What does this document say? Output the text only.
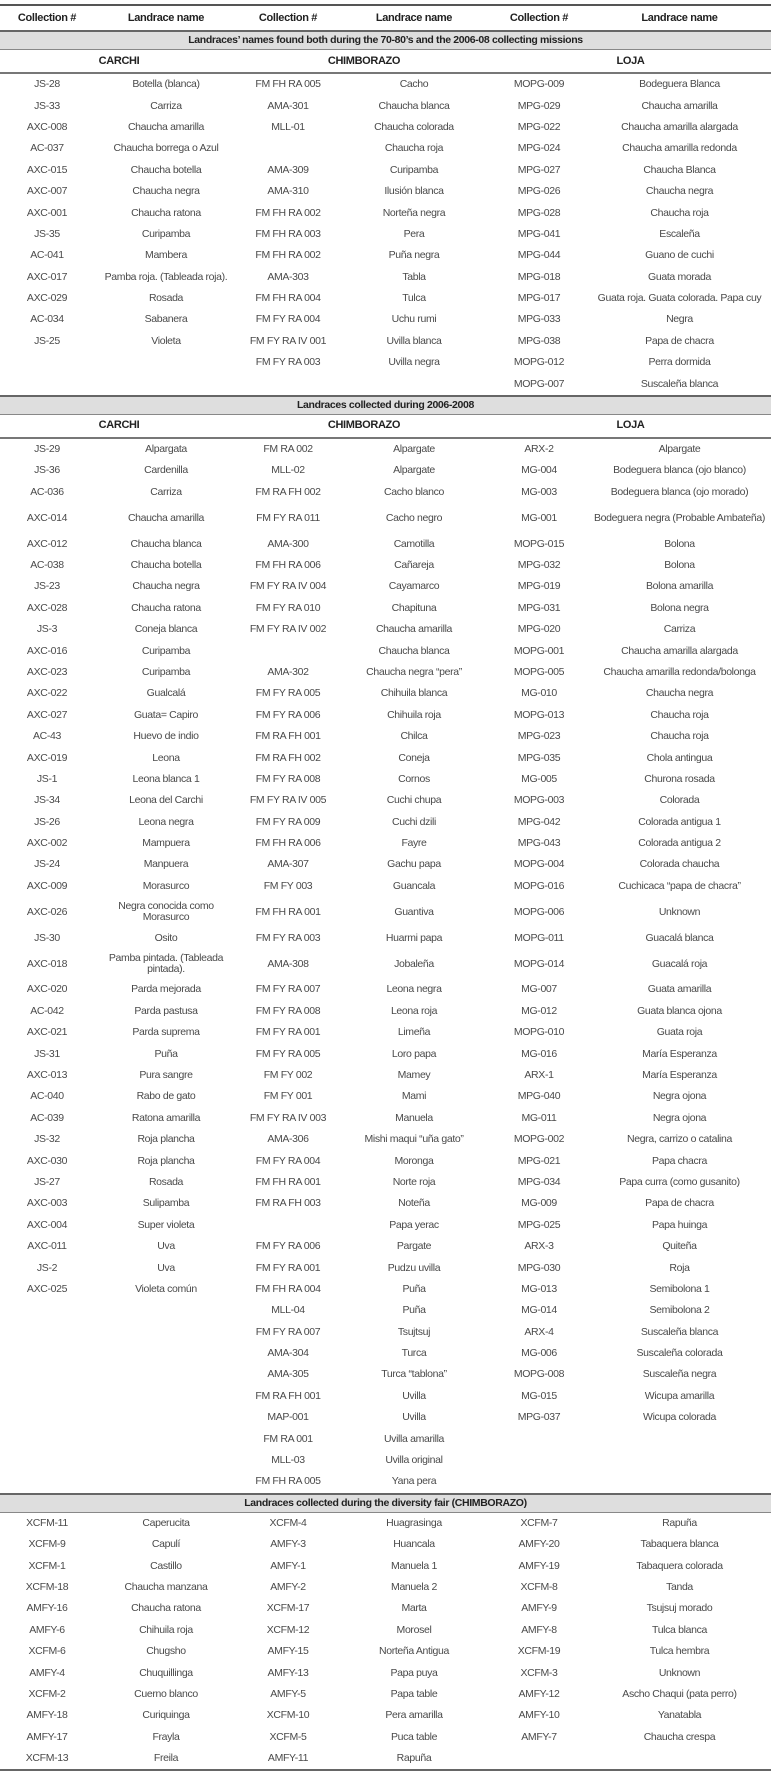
Collection #	Landrace name	Collection #	Landrace name	Collection #	Landrace name
Landraces’ names found both during the 70-80’s and the 2006-08 collecting missions					
CARCHI		CHIMBORAZO		LOJA	
JS-28	Botella (blanca)	FM FH RA 005	Cacho	MOPG-009	Bodeguera Blanca
JS-33	Carriza	AMA-301	Chaucha blanca	MPG-029	Chaucha amarilla
AXC-008	Chaucha amarilla	MLL-01	Chaucha colorada	MPG-022	Chaucha amarilla alargada
AC-037	Chaucha borrega o Azul		Chaucha roja	MPG-024	Chaucha amarilla redonda
AXC-015	Chaucha botella	AMA-309	Curipamba	MPG-027	Chaucha Blanca
AXC-007	Chaucha negra	AMA-310	Ilusión blanca	MPG-026	Chaucha negra
AXC-001	Chaucha ratona	FM FH RA 002	Norteña negra	MPG-028	Chaucha roja
JS-35	Curipamba	FM FH RA 003	Pera	MPG-041	Escaleña
AC-041	Mambera	FM FH RA 002	Puña negra	MPG-044	Guano de cuchi
AXC-017	Pamba roja. (Tableada roja).	AMA-303	Tabla	MPG-018	Guata morada
AXC-029	Rosada	FM FH RA 004	Tulca	MPG-017	Guata roja. Guata colorada. Papa cuy
AC-034	Sabanera	FM FY RA 004	Uchu rumi	MPG-033	Negra
JS-25	Violeta	FM FY RA IV 001	Uvilla blanca	MPG-038	Papa de chacra
		FM FY RA 003	Uvilla negra	MOPG-012	Perra dormida
				MOPG-007	Suscaleña blanca
Landraces collected during 2006-2008					
CARCHI		CHIMBORAZO		LOJA	
JS-29	Alpargata	FM RA 002	Alpargate	ARX-2	Alpargate
JS-36	Cardenilla	MLL-02	Alpargate	MG-004	Bodeguera blanca (ojo blanco)
AC-036	Carriza	FM RA FH 002	Cacho blanco	MG-003	Bodeguera blanca (ojo morado)
AXC-014	Chaucha amarilla	FM FY RA 011	Cacho negro	MG-001	Bodeguera negra (Probable Ambateña)
AXC-012	Chaucha blanca	AMA-300	Camotilla	MOPG-015	Bolona
AC-038	Chaucha botella	FM FH RA 006	Cañareja	MPG-032	Bolona
JS-23	Chaucha negra	FM FY RA IV 004	Cayamarco	MPG-019	Bolona amarilla
AXC-028	Chaucha ratona	FM FY RA 010	Chapituna	MPG-031	Bolona negra
JS-3	Coneja blanca	FM FY RA IV 002	Chaucha amarilla	MPG-020	Carriza
AXC-016	Curipamba		Chaucha blanca	MOPG-001	Chaucha amarilla alargada
AXC-023	Curipamba	AMA-302	Chaucha negra “pera”	MOPG-005	Chaucha amarilla redonda/bolonga
AXC-022	Gualcalá	FM FY RA 005	Chihuila blanca	MG-010	Chaucha negra
AXC-027	Guata= Capiro	FM FY RA 006	Chihuila roja	MOPG-013	Chaucha roja
AC-43	Huevo de indio	FM RA FH 001	Chilca	MPG-023	Chaucha roja
AXC-019	Leona	FM RA FH 002	Coneja	MPG-035	Chola antingua
JS-1	Leona blanca 1	FM FY RA 008	Cornos	MG-005	Churona rosada
JS-34	Leona del Carchi	FM FY RA IV 005	Cuchi chupa	MOPG-003	Colorada
JS-26	Leona negra	FM FY RA 009	Cuchi dzili	MPG-042	Colorada antigua 1
AXC-002	Mampuera	FM FH RA 006	Fayre	MPG-043	Colorada antigua 2
JS-24	Manpuera	AMA-307	Gachu papa	MOPG-004	Colorada chaucha
AXC-009	Morasurco	FM FY 003	Guancala	MOPG-016	Cuchicaca “papa de chacra”
AXC-026	Negra conocida como Morasurco	FM FH RA 001	Guantiva	MOPG-006	Unknown
JS-30	Osito	FM FY RA 003	Huarmi papa	MOPG-011	Guacalá blanca
AXC-018	Pamba pintada. (Tableada pintada).	AMA-308	Jobaleña	MOPG-014	Guacalá roja
AXC-020	Parda mejorada	FM FY RA 007	Leona negra	MG-007	Guata amarilla
AC-042	Parda pastusa	FM FY RA 008	Leona roja	MG-012	Guata blanca ojona
AXC-021	Parda suprema	FM FY RA 001	Limeña	MOPG-010	Guata roja
JS-31	Puña	FM FY RA 005	Loro papa	MG-016	María Esperanza
AXC-013	Pura sangre	FM FY 002	Mamey	ARX-1	María Esperanza
AC-040	Rabo de gato	FM FY 001	Mami	MPG-040	Negra ojona
AC-039	Ratona amarilla	FM FY RA IV 003	Manuela	MG-011	Negra ojona
JS-32	Roja plancha	AMA-306	Mishi maqui “uña gato”	MOPG-002	Negra, carrizo o catalina
AXC-030	Roja plancha	FM FY RA 004	Moronga	MPG-021	Papa chacra
JS-27	Rosada	FM FH RA 001	Norte roja	MPG-034	Papa curra (como gusanito)
AXC-003	Sulipamba	FM RA FH 003	Noteña	MG-009	Papa de chacra
AXC-004	Super violeta		Papa yerac	MPG-025	Papa huinga
AXC-011	Uva	FM FY RA 006	Pargate	ARX-3	Quiteña
JS-2	Uva	FM FY RA 001	Pudzu uvilla	MPG-030	Roja
AXC-025	Violeta común	FM FH RA 004	Puña	MG-013	Semibolona 1
		MLL-04	Puña	MG-014	Semibolona 2
		FM FY RA 007	Tsujtsuj	ARX-4	Suscaleña blanca
		AMA-304	Turca	MG-006	Suscaleña colorada
		AMA-305	Turca “tablona”	MOPG-008	Suscaleña negra
		FM RA FH 001	Uvilla	MG-015	Wicupa amarilla
		MAP-001	Uvilla	MPG-037	Wicupa colorada
		FM RA 001	Uvilla amarilla		
		MLL-03	Uvilla original		
		FM FH RA 005	Yana pera		
Landraces collected during the diversity fair (CHIMBORAZO)					
XCFM-11	Caperucita	XCFM-4	Huagrasinga	XCFM-7	Rapuña
XCFM-9	Capulí	AMFY-3	Huancala	AMFY-20	Tabaquera blanca
XCFM-1	Castillo	AMFY-1	Manuela 1	AMFY-19	Tabaquera colorada
XCFM-18	Chaucha manzana	AMFY-2	Manuela 2	XCFM-8	Tanda
AMFY-16	Chaucha ratona	XCFM-17	Marta	AMFY-9	Tsujsuj morado
AMFY-6	Chihuila roja	XCFM-12	Morosel	AMFY-8	Tulca blanca
XCFM-6	Chugsho	AMFY-15	Norteña Antigua	XCFM-19	Tulca hembra
AMFY-4	Chuquillinga	AMFY-13	Papa puya	XCFM-3	Unknown
XCFM-2	Cuerno blanco	AMFY-5	Papa table	AMFY-12	Ascho Chaqui (pata perro)
AMFY-18	Curiquinga	XCFM-10	Pera amarilla	AMFY-10	Yanatabla
AMFY-17	Frayla	XCFM-5	Puca table	AMFY-7	Chaucha crespa
XCFM-13	Freila	AMFY-11	Rapuña		
